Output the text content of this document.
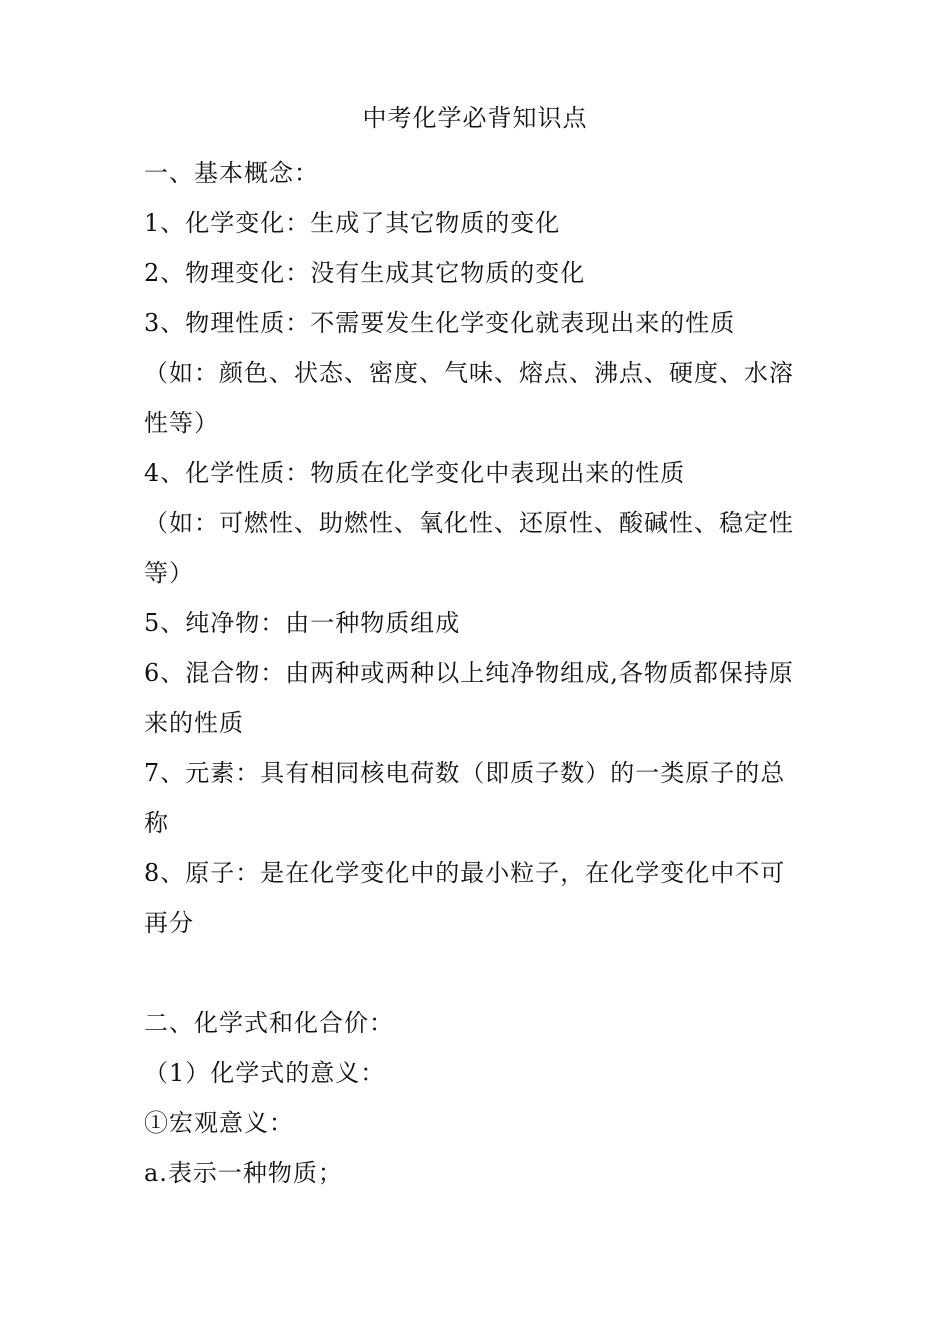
中考化学必背知识点
一、基本概念：
1、化学变化：生成了其它物质的变化
2、物理变化：没有生成其它物质的变化
3、物理性质：不需要发生化学变化就表现出来的性质
（如：颜色、状态、密度、气味、熔点、沸点、硬度、水溶
性等）
4、化学性质：物质在化学变化中表现出来的性质
（如：可燃性、助燃性、氧化性、还原性、酸碱性、稳定性
等）
5、纯净物：由一种物质组成
6、混合物：由两种或两种以上纯净物组成,各物质都保持原
来的性质
7、元素：具有相同核电荷数（即质子数）的一类原子的总
称
8、原子：是在化学变化中的最小粒子，在化学变化中不可
再分
二、化学式和化合价：
（1）化学式的意义：
①宏观意义：
a.表示一种物质；
